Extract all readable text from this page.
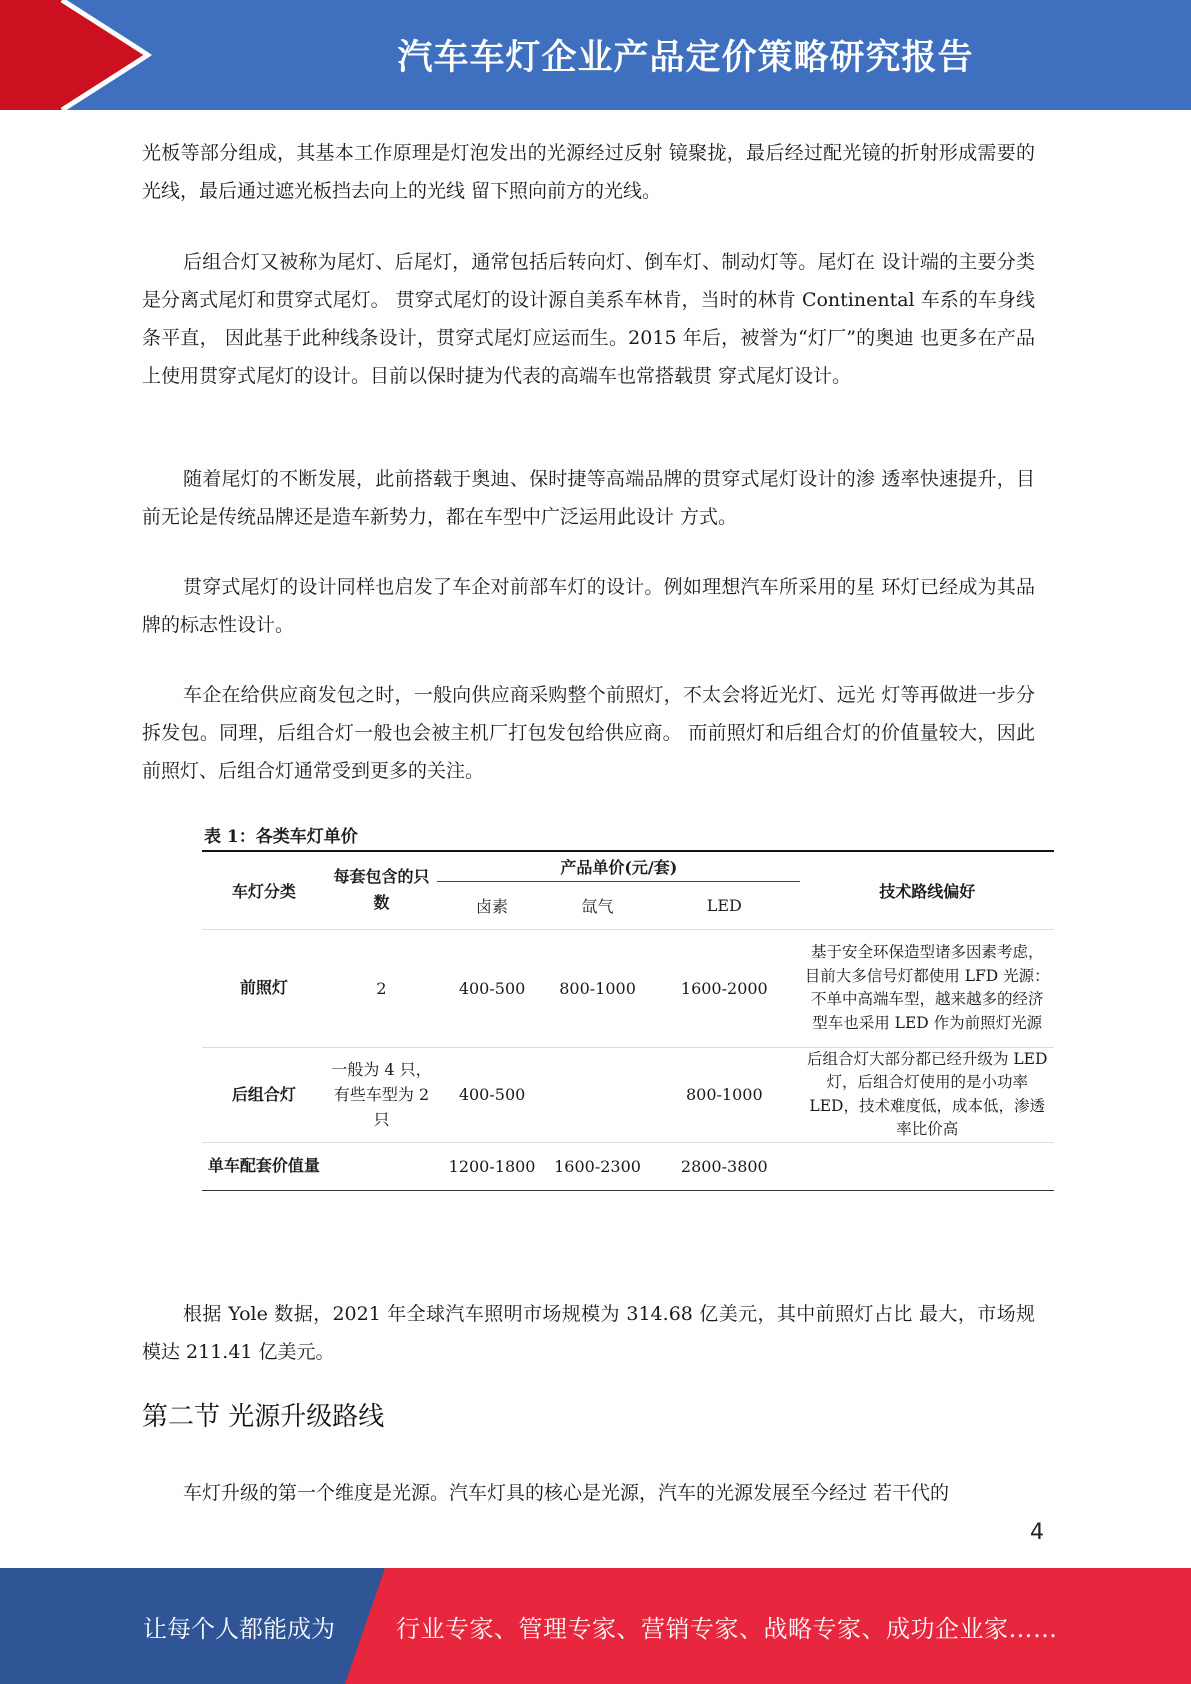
汽车车灯企业产品定价策略研究报告

光板等部分组成，其基本工作原理是灯泡发出的光源经过反射 镜聚拢，最后经过配光镜的折射形成需要的光线，最后通过遮光板挡去向上的光线 留下照向前方的光线。

后组合灯又被称为尾灯、后尾灯，通常包括后转向灯、倒车灯、制动灯等。尾灯在 设计端的主要分类是分离式尾灯和贯穿式尾灯。 贯穿式尾灯的设计源自美系车林肯，当时的林肯 Continental 车系的车身线条平直， 因此基于此种线条设计，贯穿式尾灯应运而生。2015 年后，被誉为“灯厂”的奥迪 也更多在产品上使用贯穿式尾灯的设计。目前以保时捷为代表的高端车也常搭载贯 穿式尾灯设计。

随着尾灯的不断发展，此前搭载于奥迪、保时捷等高端品牌的贯穿式尾灯设计的渗 透率快速提升，目前无论是传统品牌还是造车新势力，都在车型中广泛运用此设计 方式。

贯穿式尾灯的设计同样也启发了车企对前部车灯的设计。例如理想汽车所采用的星 环灯已经成为其品牌的标志性设计。

车企在给供应商发包之时，一般向供应商采购整个前照灯，不太会将近光灯、远光 灯等再做进一步分拆发包。同理，后组合灯一般也会被主机厂打包发包给供应商。 而前照灯和后组合灯的价值量较大，因此前照灯、后组合灯通常受到更多的关注。

表 1：各类车灯单价
车灯分类	每套包含的只数	产品单价(元/套)			技术路线偏好
		卤素	氙气	LED	
前照灯	2	400-500	800-1000	1600-2000	基于安全环保造型诸多因素考虑，目前大多信号灯都使用 LFD 光源：不单中高端车型，越来越多的经济型车也采用 LED 作为前照灯光源
后组合灯	一般为 4 只，有些车型为 2 只	400-500		800-1000	后组合灯大部分都已经升级为 LED 灯，后组合灯使用的是小功率 LED，技术难度低，成本低，渗透率比价高
单车配套价值量		1200-1800	1600-2300	2800-3800	

根据 Yole 数据，2021 年全球汽车照明市场规模为 314.68 亿美元，其中前照灯占比 最大，市场规模达 211.41 亿美元。

第二节 光源升级路线

车灯升级的第一个维度是光源。汽车灯具的核心是光源，汽车的光源发展至今经过 若干代的

4
让每个人都能成为	行业专家、管理专家、营销专家、战略专家、成功企业家……
